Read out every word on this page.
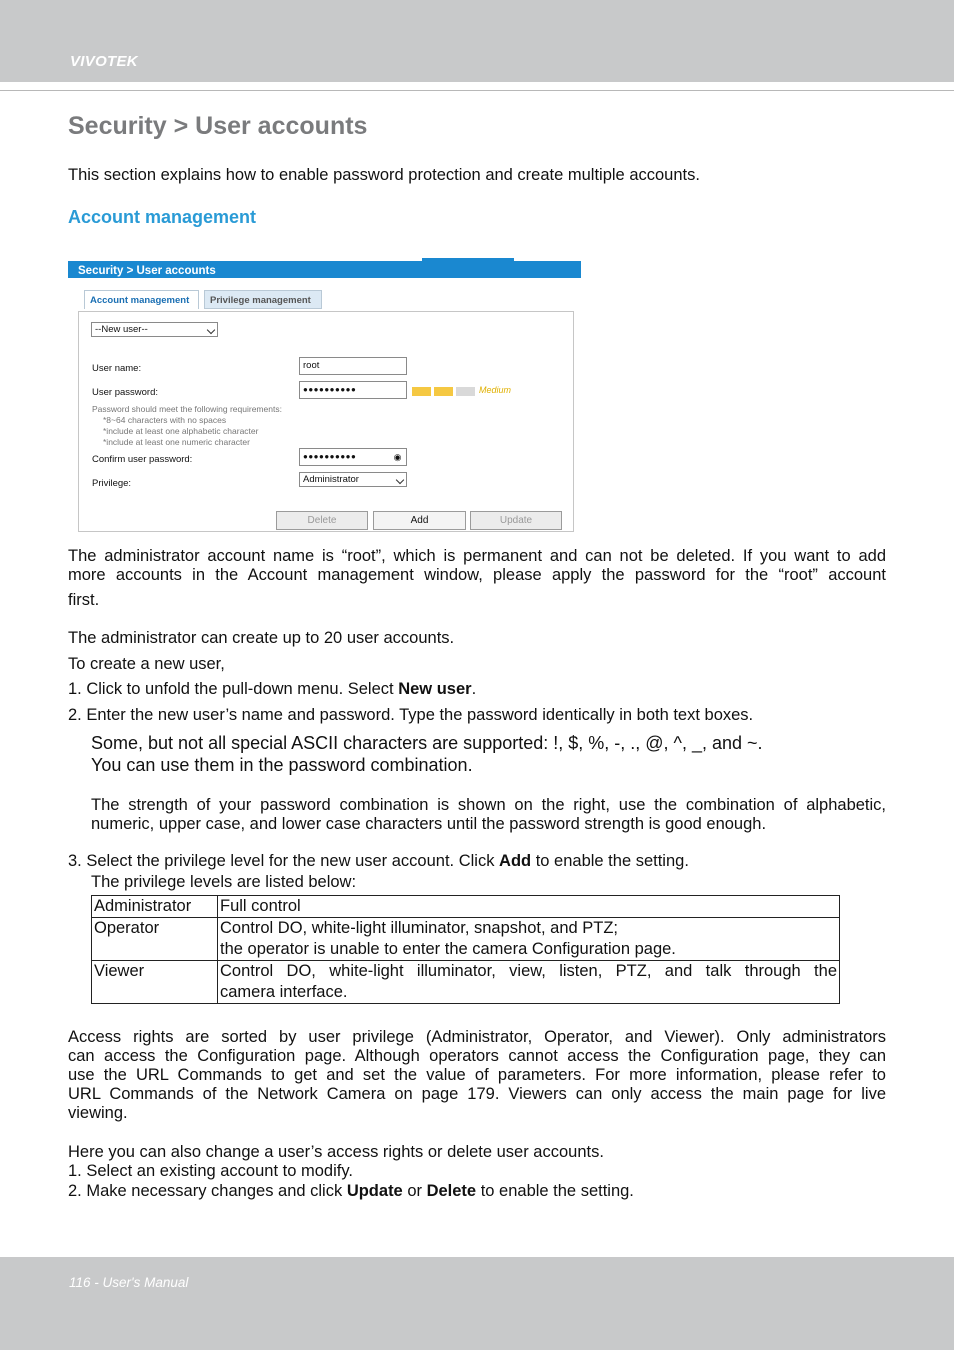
VIVOTEK
Security > User accounts
This section explains how to enable password protection and create multiple accounts.
Account management
Security > User accounts
Account management	Privilege management
--New user--
User name:	root
User password:	●●●●●●●●●●	Medium
Password should meet the following requirements:
*8~64 characters with no spaces
*include at least one alphabetic character
*include at least one numeric character
Confirm user password:	●●●●●●●●●●	◉
Privilege:	Administrator
Delete	Add	Update
The administrator account name is “root”, which is permanent and can not be deleted. If you want to add
more accounts in the Account management window, please apply the password for the “root” account
first.
The administrator can create up to 20 user accounts.
To create a new user,
1. Click to unfold the pull-down menu. Select New user.
2. Enter the new user’s name and password. Type the password identically in both text boxes.
Some, but not all special ASCII characters are supported: !, $, %, -, ., @, ^, _, and ~.
You can use them in the password combination.
The strength of your password combination is shown on the right, use the combination of alphabetic,
numeric, upper case, and lower case characters until the password strength is good enough.
3. Select the privilege level for the new user account. Click Add to enable the setting.
The privilege levels are listed below:
Administrator	Full control
Operator	Control DO, white-light illuminator, snapshot, and PTZ;
the operator is unable to enter the camera Configuration page.

Viewer	Control DO, white-light illuminator, view, listen, PTZ, and talk through the
camera interface.
Access rights are sorted by user privilege (Administrator, Operator, and Viewer). Only administrators
can access the Configuration page. Although operators cannot access the Configuration page, they can
use the URL Commands to get and set the value of parameters. For more information, please refer to
URL Commands of the Network Camera on page 179. Viewers can only access the main page for live
viewing.
Here you can also change a user’s access rights or delete user accounts.
1. Select an existing account to modify.
2. Make necessary changes and click Update or Delete to enable the setting.
116 - User's Manual
